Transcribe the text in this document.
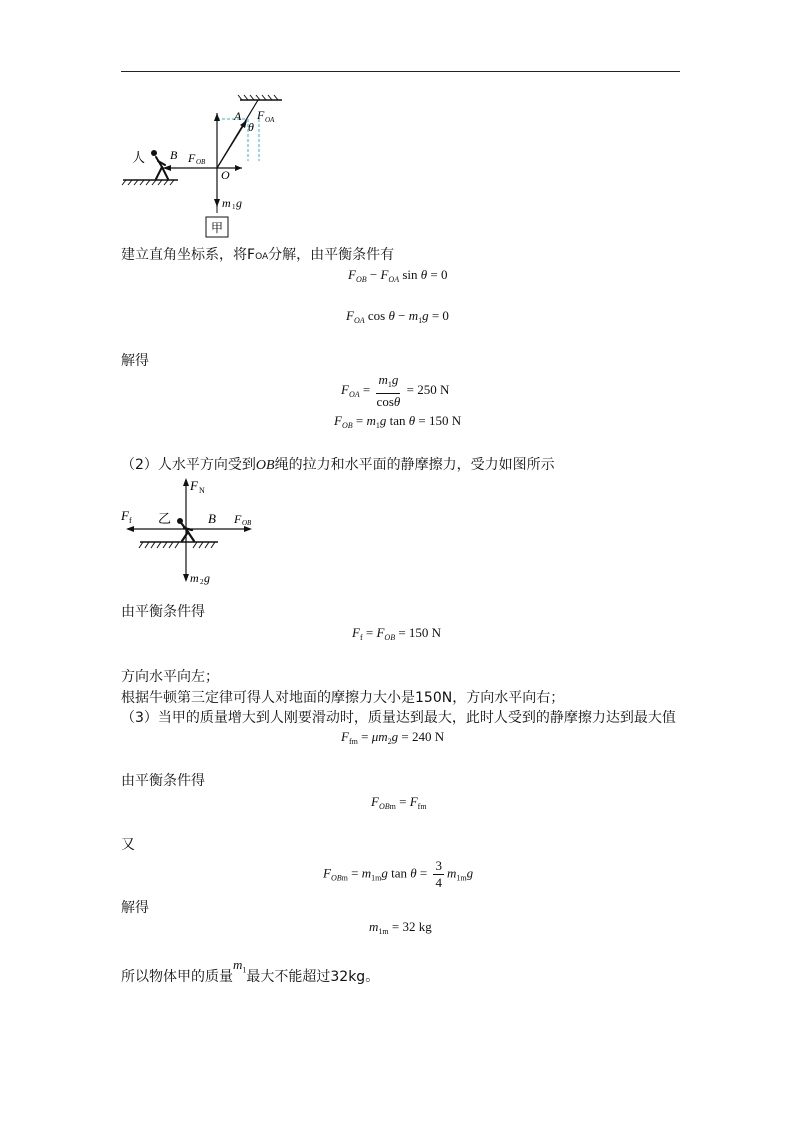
人 B F OB
O
A
θ
F OA
m 1 g
甲
建立直角坐标系，将FOA分解，由平衡条件有
$F_{OB} - F_{OA}$ sin θ = 0
$F_{OA}$ $\cos \theta - m_1g = 0$
解得
$F_{OA} = \frac{m_1g}{\cos\theta} = 250$ N
$F_{OB} = m_1g$ tan θ = 150 N
（2）人水平方向受到OB绳的拉力和水平面的静摩擦力，受力如图所示
F N
F f 乙	B F OB
m 2 g
由平衡条件得
$F_f = F_{OB} = 150$ N
方向水平向左；
根据牛顿第三定律可得人对地面的摩擦力大小是150N，方向水平向右；
（3）当甲的质量增大到人刚要滑动时，质量达到最大，此时人受到的静摩擦力达到最大值
$F_{fm} = \mu m_2g = 240$ N
由平衡条件得
$F_{OBm} = F_{fm}$
又
$F_{OBm} = m_{1m}g$ $\tan \theta = \frac{3}{4} m_{1m}g$
解得
$m_{1m} = 32$ kg
所以物体甲的质量$m_1$最大不能超过32kg。
